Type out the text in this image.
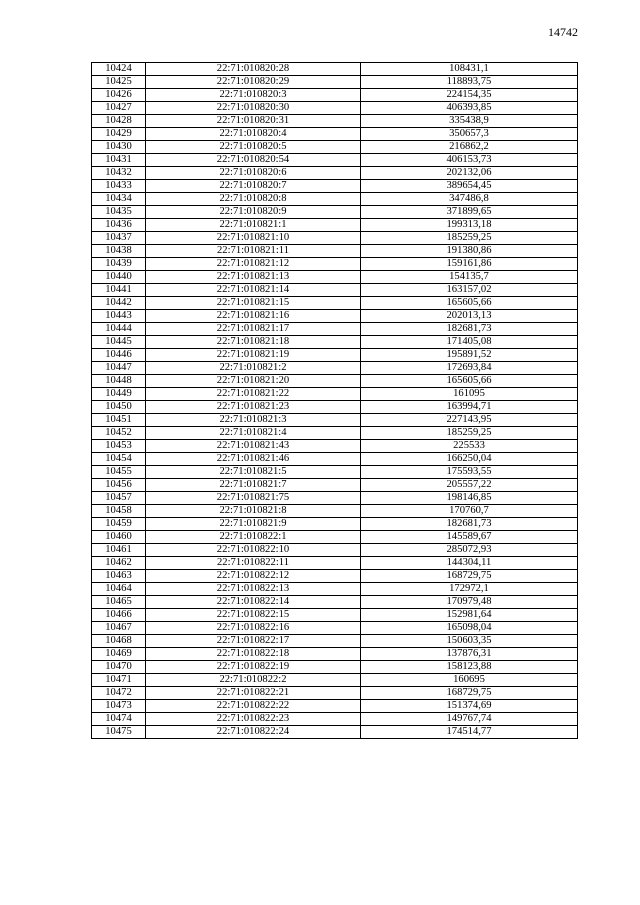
14742
10424	22:71:010820:28	108431,1
10425	22:71:010820:29	118893,75
10426	22:71:010820:3	224154,35
10427	22:71:010820:30	406393,85
10428	22:71:010820:31	335438,9
10429	22:71:010820:4	350657,3
10430	22:71:010820:5	216862,2
10431	22:71:010820:54	406153,73
10432	22:71:010820:6	202132,06
10433	22:71:010820:7	389654,45
10434	22:71:010820:8	347486,8
10435	22:71:010820:9	371899,65
10436	22:71:010821:1	199313,18
10437	22:71:010821:10	185259,25
10438	22:71:010821:11	191380,86
10439	22:71:010821:12	159161,86
10440	22:71:010821:13	154135,7
10441	22:71:010821:14	163157,02
10442	22:71:010821:15	165605,66
10443	22:71:010821:16	202013,13
10444	22:71:010821:17	182681,73
10445	22:71:010821:18	171405,08
10446	22:71:010821:19	195891,52
10447	22:71:010821:2	172693,84
10448	22:71:010821:20	165605,66
10449	22:71:010821:22	161095
10450	22:71:010821:23	163994,71
10451	22:71:010821:3	227143,95
10452	22:71:010821:4	185259,25
10453	22:71:010821:43	225533
10454	22:71:010821:46	166250,04
10455	22:71:010821:5	175593,55
10456	22:71:010821:7	205557,22
10457	22:71:010821:75	198146,85
10458	22:71:010821:8	170760,7
10459	22:71:010821:9	182681,73
10460	22:71:010822:1	145589,67
10461	22:71:010822:10	285072,93
10462	22:71:010822:11	144304,11
10463	22:71:010822:12	168729,75
10464	22:71:010822:13	172972,1
10465	22:71:010822:14	170979,48
10466	22:71:010822:15	152981,64
10467	22:71:010822:16	165098,04
10468	22:71:010822:17	150603,35
10469	22:71:010822:18	137876,31
10470	22:71:010822:19	158123,88
10471	22:71:010822:2	160695
10472	22:71:010822:21	168729,75
10473	22:71:010822:22	151374,69
10474	22:71:010822:23	149767,74
10475	22:71:010822:24	174514,77
